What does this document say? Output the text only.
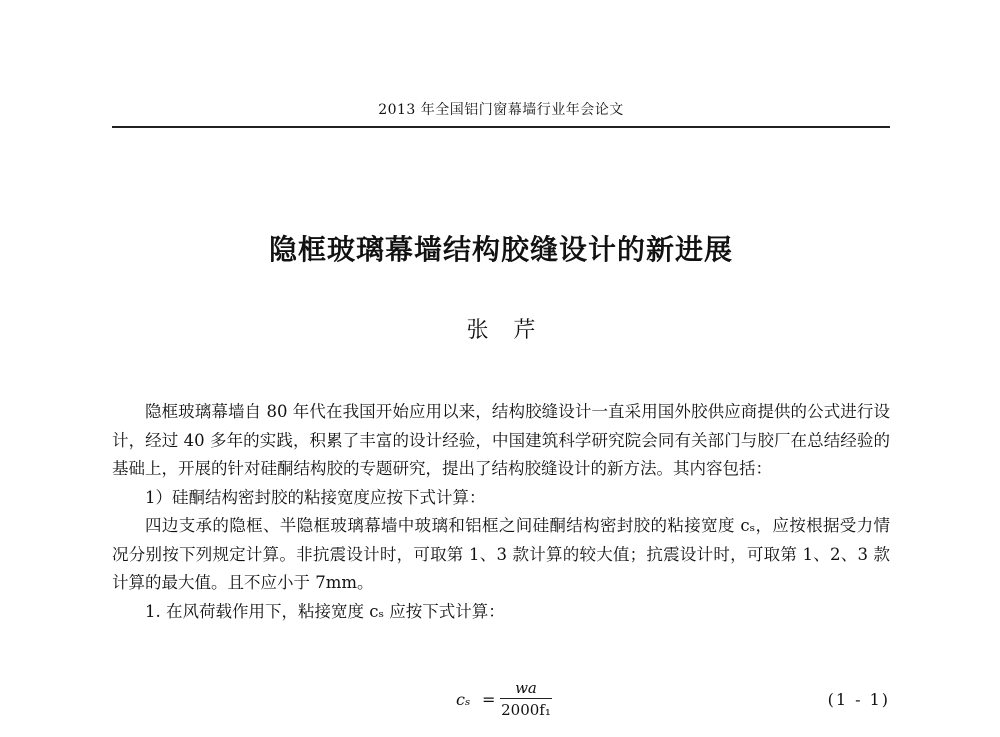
2013 年全国铝门窗幕墙行业年会论文
隐框玻璃幕墙结构胶缝设计的新进展
张 芹

隐框玻璃幕墙自 80 年代在我国开始应用以来，结构胶缝设计一直采用国外胶供应商提供的公式进行设计，经过 40 多年的实践，积累了丰富的设计经验，中国建筑科学研究院会同有关部门与胶厂在总结经验的基础上，开展的针对硅酮结构胶的专题研究，提出了结构胶缝设计的新方法。其内容包括：

1）硅酮结构密封胶的粘接宽度应按下式计算：

四边支承的隐框、半隐框玻璃幕墙中玻璃和铝框之间硅酮结构密封胶的粘接宽度 cₛ，应按根据受力情况分别按下列规定计算。非抗震设计时，可取第 1、3 款计算的较大值；抗震设计时，可取第 1、2、3 款计算的最大值。且不应小于 7mm。

1. 在风荷载作用下，粘接宽度 cₛ 应按下式计算：

cₛ =
wa
2000f₁
(1 - 1)
